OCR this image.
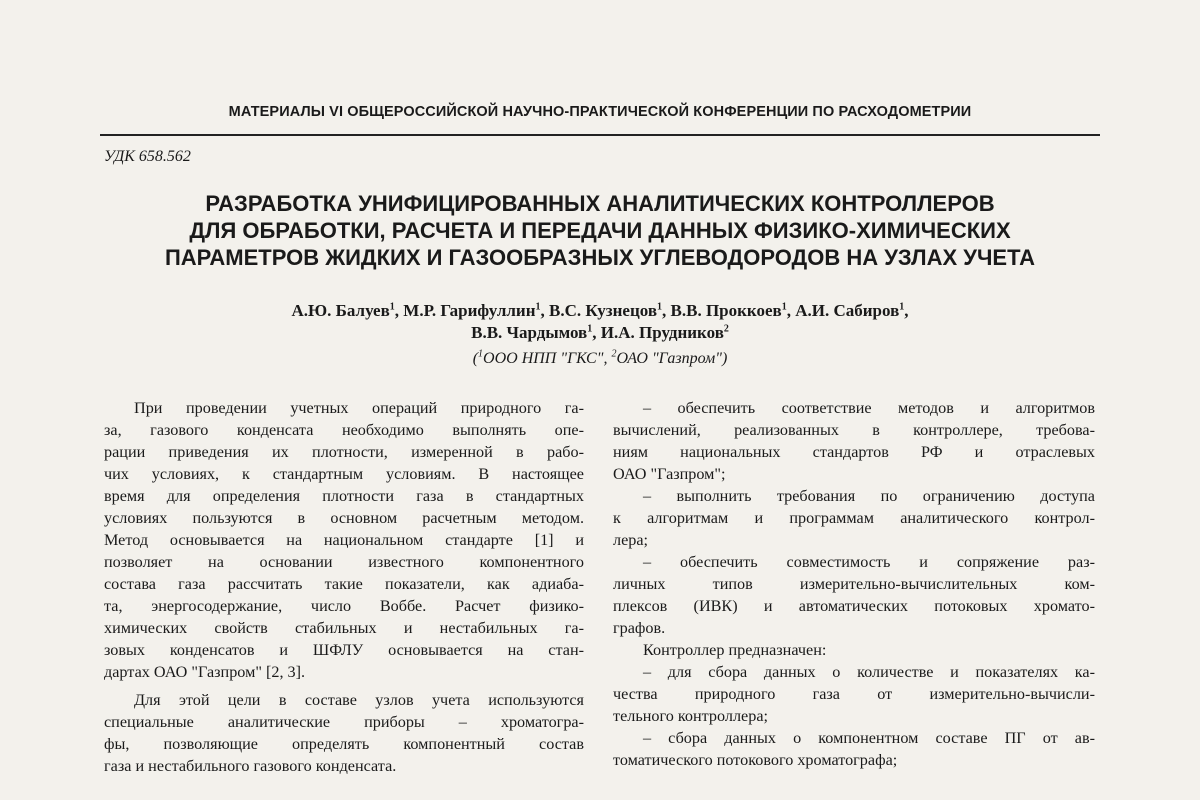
МАТЕРИАЛЫ VI ОБЩЕРОССИЙСКОЙ НАУЧНО-ПРАКТИЧЕСКОЙ КОНФЕРЕНЦИИ ПО РАСХОДОМЕТРИИ
УДК 658.562
РАЗРАБОТКА УНИФИЦИРОВАННЫХ АНАЛИТИЧЕСКИХ КОНТРОЛЛЕРОВ
ДЛЯ ОБРАБОТКИ, РАСЧЕТА И ПЕРЕДАЧИ ДАННЫХ ФИЗИКО-ХИМИЧЕСКИХ
ПАРАМЕТРОВ ЖИДКИХ И ГАЗООБРАЗНЫХ УГЛЕВОДОРОДОВ НА УЗЛАХ УЧЕТА
А.Ю. Балуев$^1$, М.Р. Гарифуллин$^1$, В.С. Кузнецов$^1$, В.В. Проккоев$^1$, А.И. Сабиров$^1$,
В.В. Чардымов$^1$, И.А. Прудников$^2$
($^1$ООО НПП "ГКС", $^2$ОАО "Газпром")
При проведении учетных операций природного га-
за, газового конденсата необходимо выполнять опе-
рации приведения их плотности, измеренной в рабо-
чих условиях, к стандартным условиям. В настоящее
время для определения плотности газа в стандартных
условиях пользуются в основном расчетным методом.
Метод основывается на национальном стандарте [1] и
позволяет на основании известного компонентного
состава газа рассчитать такие показатели, как адиаба-
та, энергосодержание, число Воббе. Расчет физико-
химических свойств стабильных и нестабильных га-
зовых конденсатов и ШФЛУ основывается на стан-
дартах ОАО "Газпром" [2, 3].
Для этой цели в составе узлов учета используются
специальные аналитические приборы – хроматогра-
фы, позволяющие определять компонентный состав
газа и нестабильного газового конденсата.
– обеспечить соответствие методов и алгоритмов
вычислений, реализованных в контроллере, требова-
ниям национальных стандартов РФ и отраслевых
ОАО "Газпром";
– выполнить требования по ограничению доступа
к алгоритмам и программам аналитического контрол-
лера;
– обеспечить совместимость и сопряжение раз-
личных типов измерительно-вычислительных ком-
плексов (ИВК) и автоматических потоковых хромато-
графов.
Контроллер предназначен:
– для сбора данных о количестве и показателях ка-
чества природного газа от измерительно-вычисли-
тельного контроллера;
– сбора данных о компонентном составе ПГ от ав-
томатического потокового хроматографа;
